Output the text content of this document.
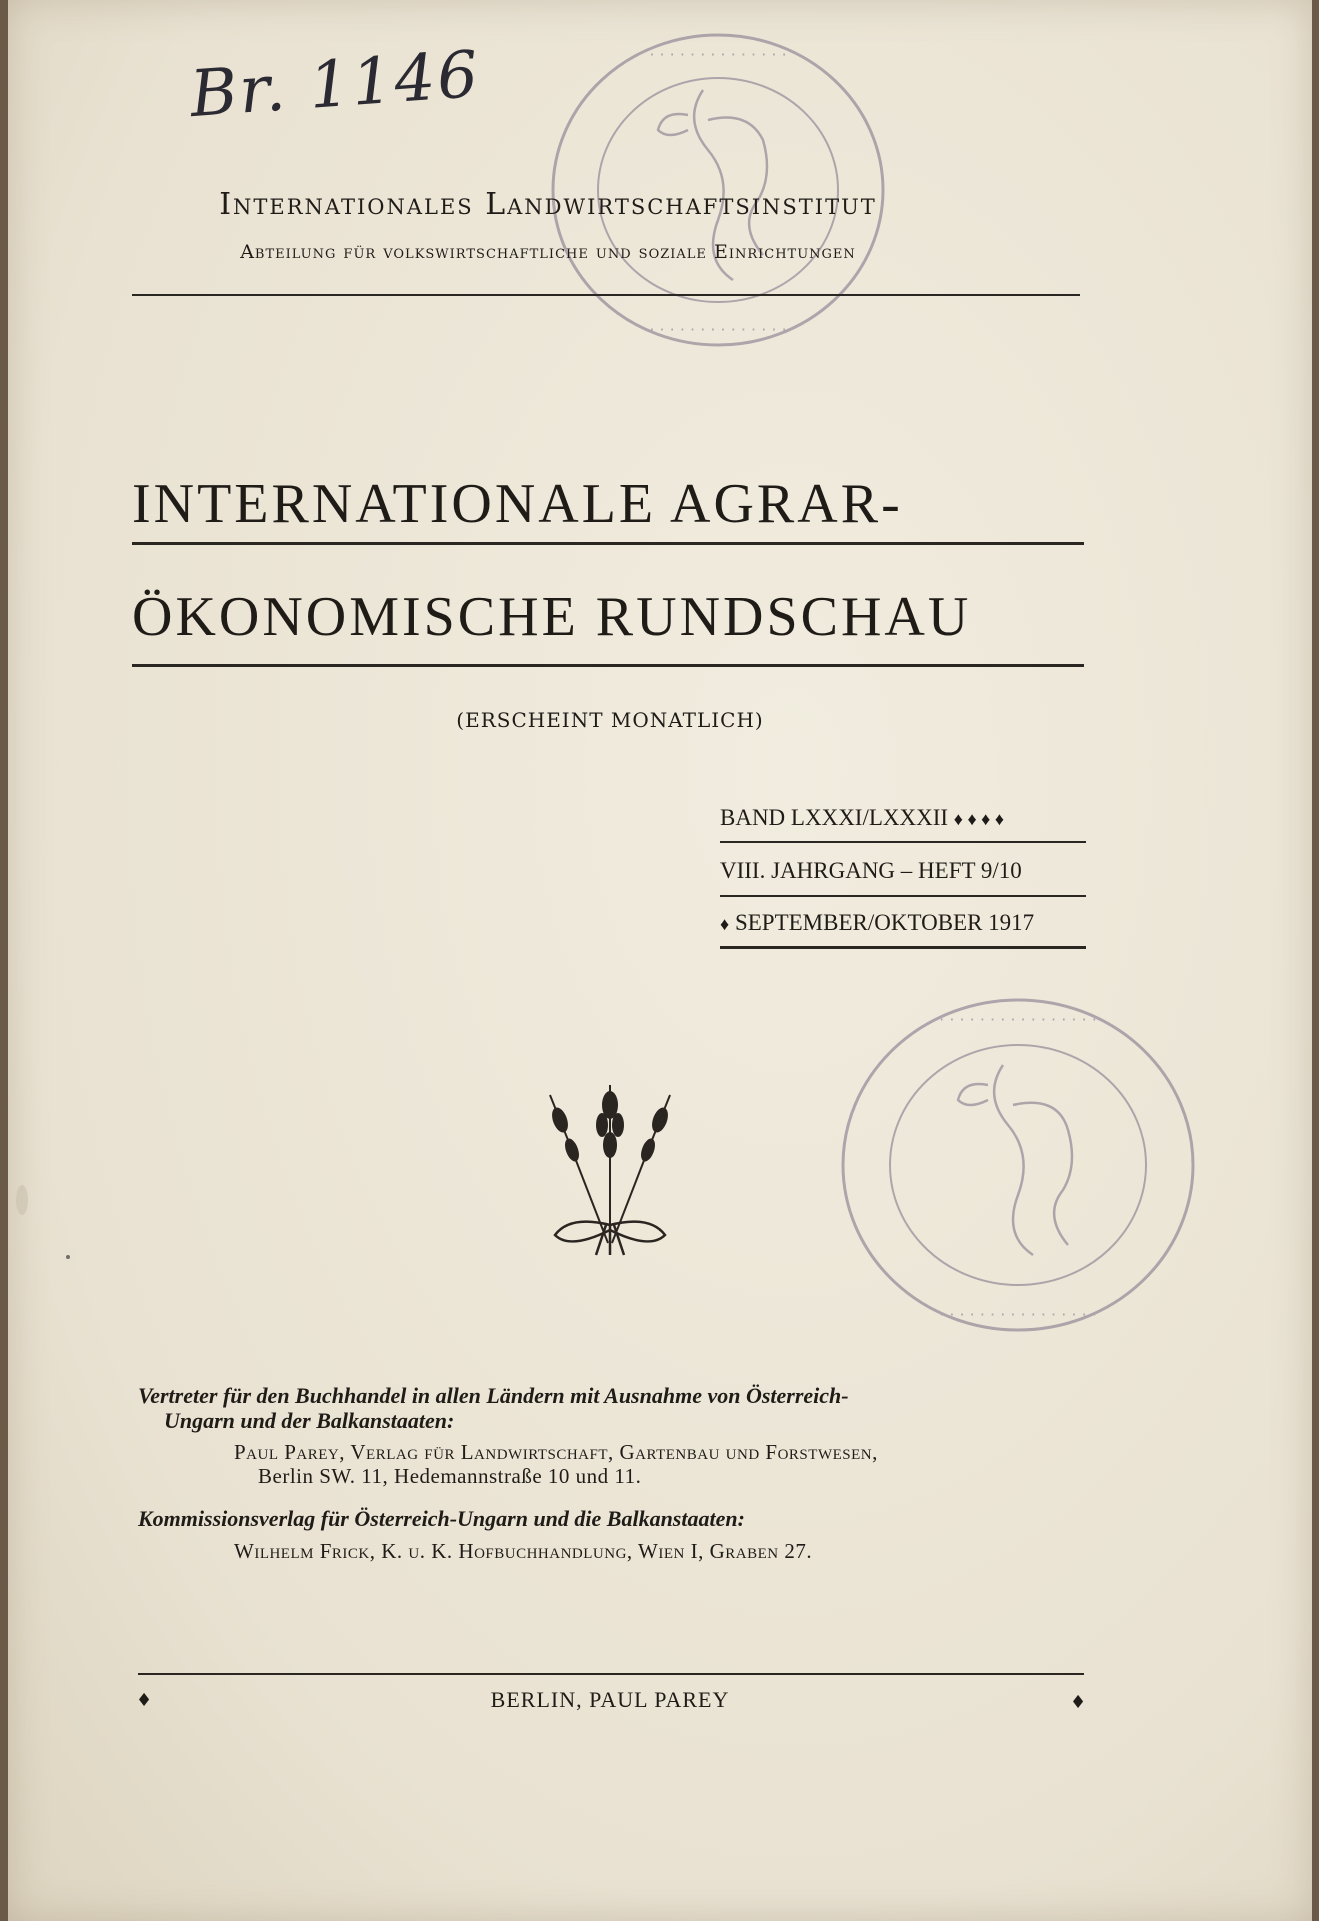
Br. 1146	· · · · · · · · · · · · · ·
· · · · · · · · · · · · · ·
Internationales Landwirtschaftsinstitut
Abteilung für volkswirtschaftliche und soziale Einrichtungen
INTERNATIONALE AGRAR-
ÖKONOMISCHE RUNDSCHAU
(ERSCHEINT MONATLICH)
BAND LXXXI/LXXXII ♦ ♦ ♦ ♦
VIII. JAHRGANG – HEFT 9/10
♦ SEPTEMBER/OKTOBER 1917
· · · · · · · · · · · · · · · ·
· · · · · · · · · · · · · · · ·
Vertreter für den Buchhandel in allen Ländern mit Ausnahme von Österreich-
Ungarn und der Balkanstaaten:
Paul Parey, Verlag für Landwirtschaft, Gartenbau und Forstwesen,
Berlin SW. 11, Hedemannstraße 10 und 11.
Kommissionsverlag für Österreich-Ungarn und die Balkanstaaten:
Wilhelm Frick, K. u. K. Hofbuchhandlung, Wien I, Graben 27.
♦	BERLIN, PAUL PAREY	♦
